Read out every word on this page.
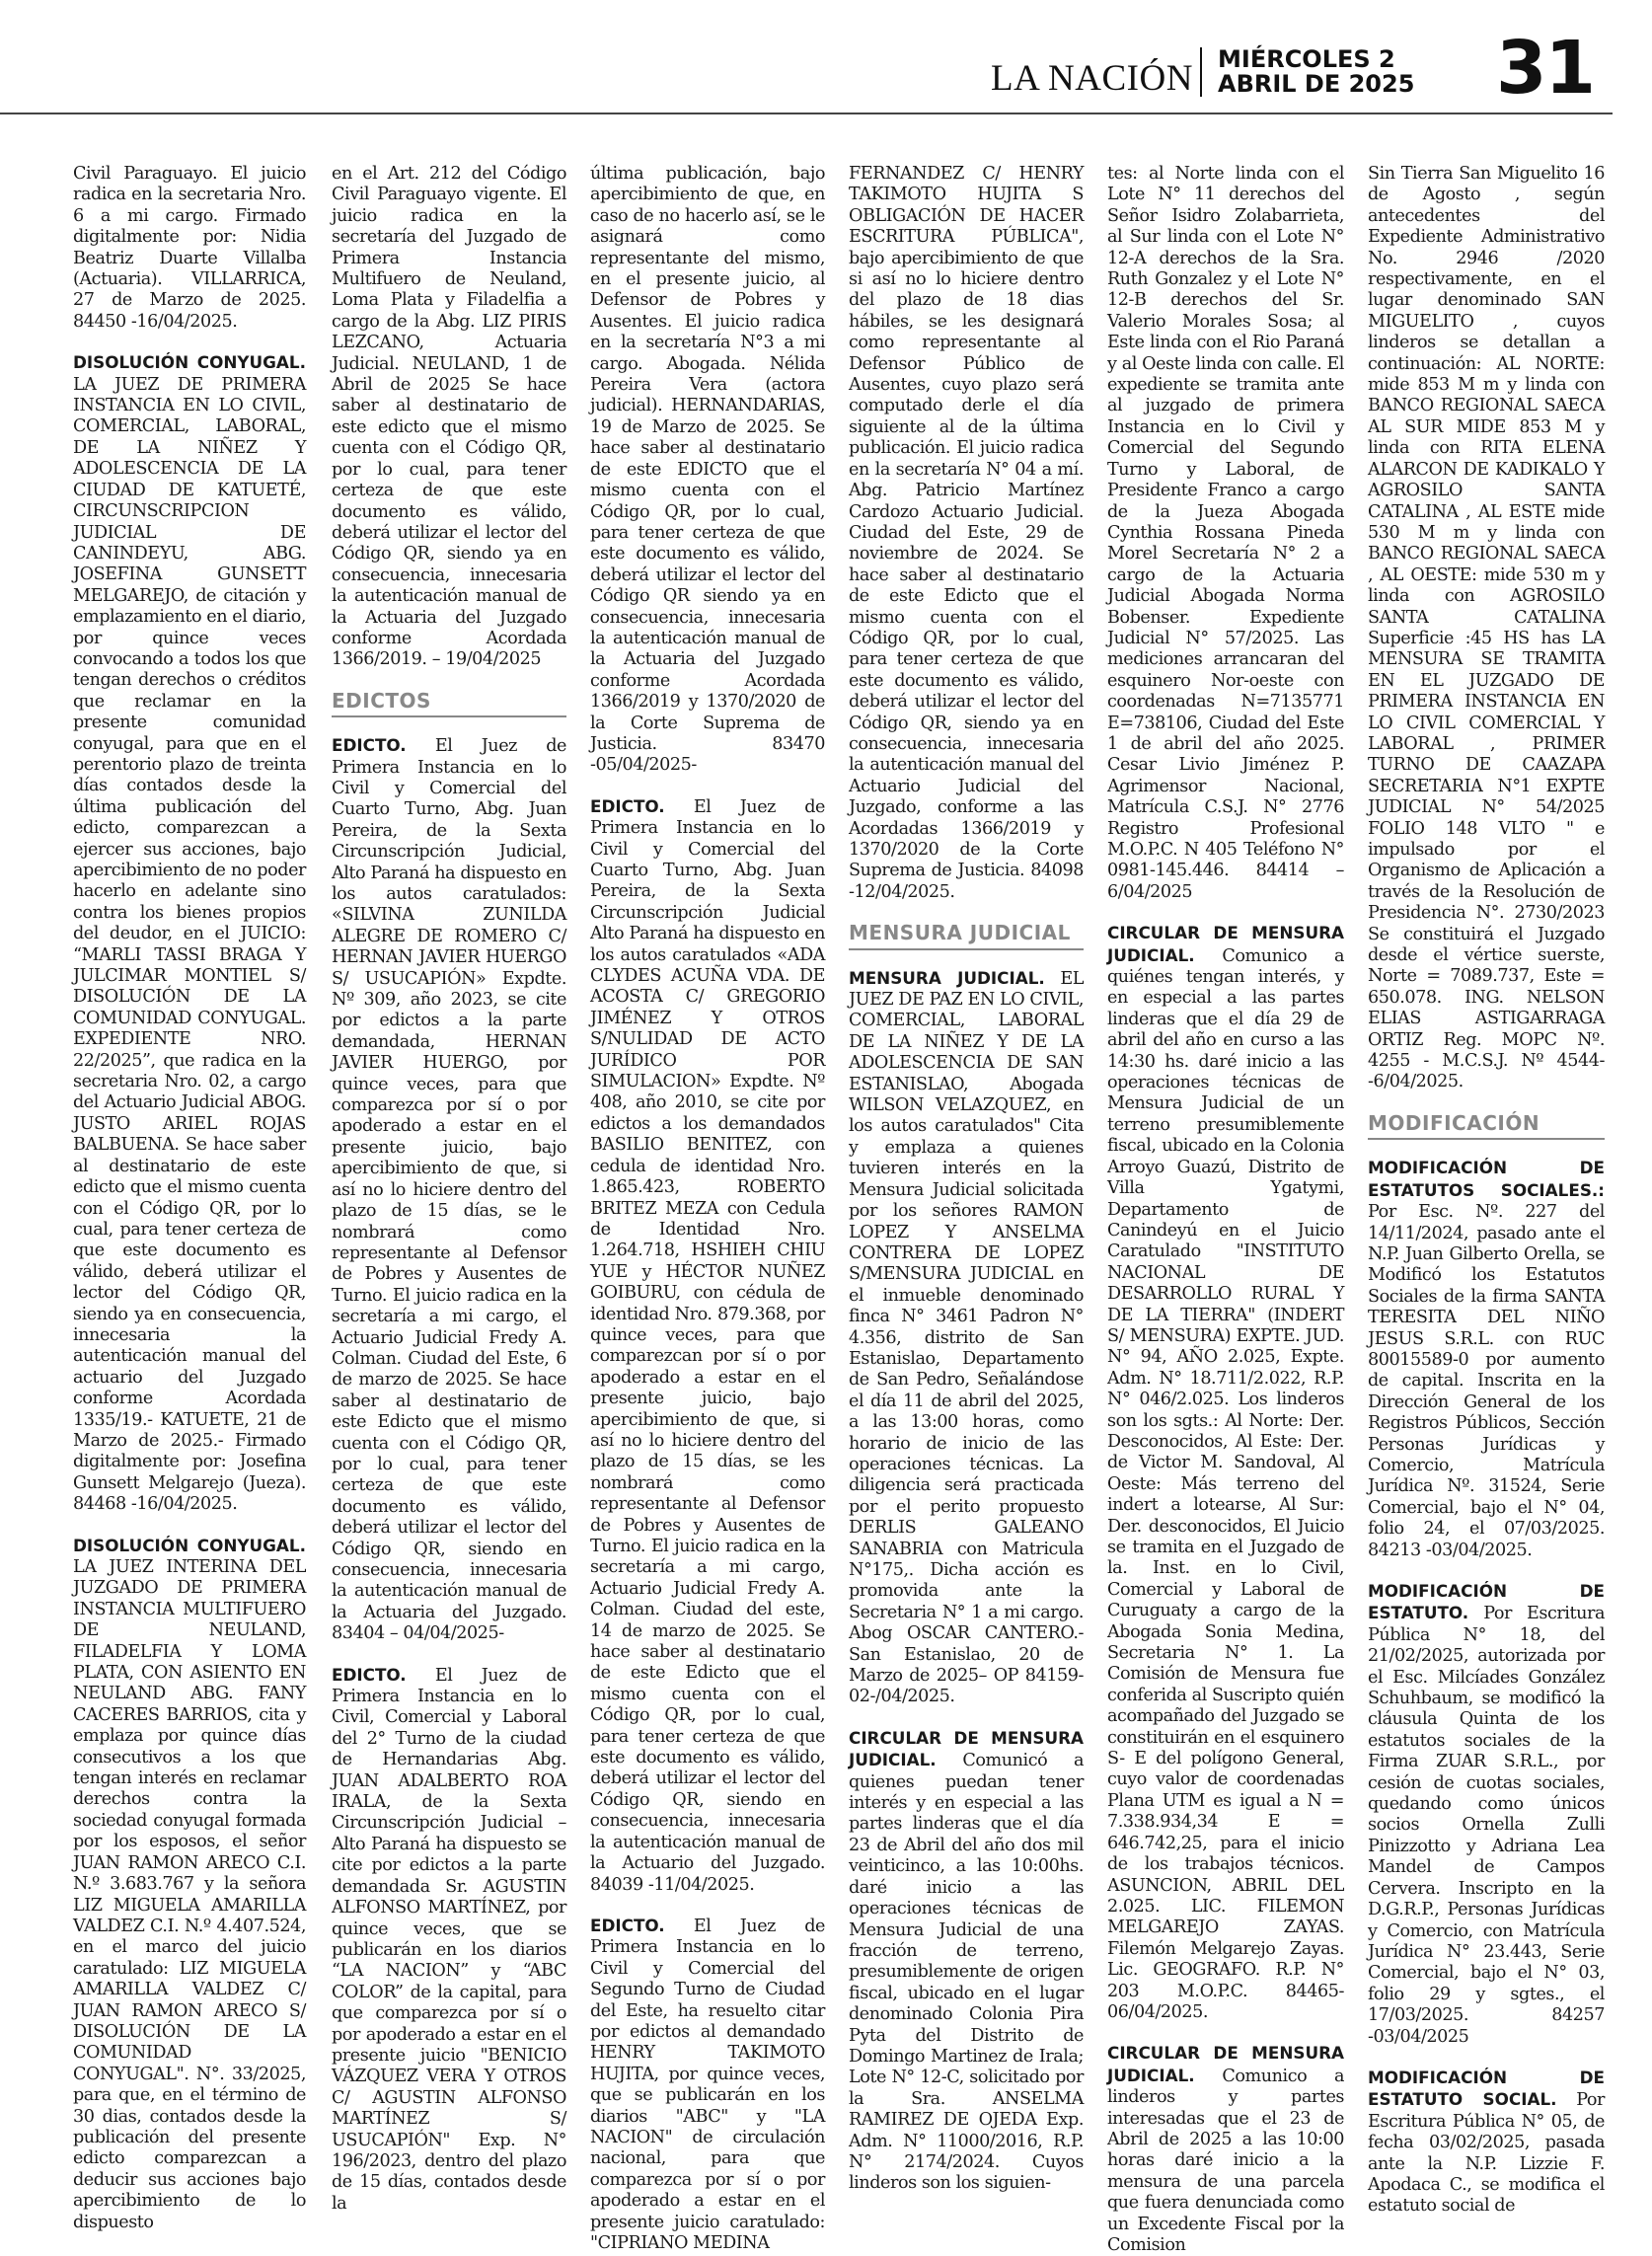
LA NACIÓN MIÉRCOLES 2
ABRIL DE 2025 31

Civil Paraguayo. El juicio radica en la secretaria Nro. 6 a mi cargo. Firmado digitalmente por: Nidia Beatriz Duarte Villalba (Actuaria). VILLARRICA, 27 de Marzo de 2025. 84450 -16/04/2025.

DISOLUCIÓN CONYUGAL. LA JUEZ DE PRIMERA INSTANCIA EN LO CIVIL, COMERCIAL, LABORAL, DE LA NIÑEZ Y ADOLESCENCIA DE LA CIUDAD DE KATUETÉ, CIRCUNSCRIPCION JUDICIAL DE CANINDEYU, ABG. JOSEFINA GUNSETT MELGAREJO, de citación y emplazamiento en el diario, por quince veces convocando a todos los que tengan derechos o créditos que reclamar en la presente comunidad conyugal, para que en el perentorio plazo de treinta días contados desde la última publicación del edicto, comparezcan a ejercer sus acciones, bajo apercibimiento de no poder hacerlo en adelante sino contra los bienes propios del deudor, en el JUICIO: “MARLI TASSI BRAGA Y JULCIMAR MONTIEL S/ DISOLUCIÓN DE LA COMUNIDAD CONYUGAL. EXPEDIENTE NRO. 22/2025”, que radica en la secretaria Nro. 02, a cargo del Actuario Judicial ABOG. JUSTO ARIEL ROJAS BALBUENA. Se hace saber al destinatario de este edicto que el mismo cuenta con el Código QR, por lo cual, para tener certeza de que este documento es válido, deberá utilizar el lector del Código QR, siendo ya en consecuencia, innecesaria la autenticación manual del actuario del Juzgado conforme Acordada 1335/19.- KATUETE, 21 de Marzo de 2025.- Firmado digitalmente por: Josefina Gunsett Melgarejo (Jueza). 84468 -16/04/2025.

DISOLUCIÓN CONYUGAL. LA JUEZ INTERINA DEL JUZGADO DE PRIMERA INSTANCIA MULTIFUERO DE NEULAND, FILADELFIA Y LOMA PLATA, CON ASIENTO EN NEULAND ABG. FANY CACERES BARRIOS, cita y emplaza por quince días consecutivos a los que tengan interés en reclamar derechos contra la sociedad conyugal formada por los esposos, el señor JUAN RAMON ARECO C.I. N.º 3.683.767 y la señora LIZ MIGUELA AMARILLA VALDEZ C.I. N.º 4.407.524, en el marco del juicio caratulado: LIZ MIGUELA AMARILLA VALDEZ C/ JUAN RAMON ARECO S/ DISOLUCIÓN DE LA COMUNIDAD CONYUGAL". N°. 33/2025, para que, en el término de 30 dias, contados desde la publicación del presente edicto comparezcan a deducir sus acciones bajo apercibimiento de lo dispuesto

en el Art. 212 del Código Civil Paraguayo vigente. El juicio radica en la secretaría del Juzgado de Primera Instancia Multifuero de Neuland, Loma Plata y Filadelfia a cargo de la Abg. LIZ PIRIS LEZCANO, Actuaria Judicial. NEULAND, 1 de Abril de 2025 Se hace saber al destinatario de este edicto que el mismo cuenta con el Código QR, por lo cual, para tener certeza de que este documento es válido, deberá utilizar el lector del Código QR, siendo ya en consecuencia, innecesaria la autenticación manual de la Actuaria del Juzgado conforme Acordada 1366/2019. – 19/04/2025

EDICTOS

EDICTO. El Juez de Primera Instancia en lo Civil y Comercial del Cuarto Turno, Abg. Juan Pereira, de la Sexta Circunscripción Judicial, Alto Paraná ha dispuesto en los autos caratulados: «SILVINA ZUNILDA ALEGRE DE ROMERO C/ HERNAN JAVIER HUERGO S/ USUCAPIÓN» Expdte. Nº 309, año 2023, se cite por edictos a la parte demandada, HERNAN JAVIER HUERGO, por quince veces, para que comparezca por sí o por apoderado a estar en el presente juicio, bajo apercibimiento de que, si así no lo hiciere dentro del plazo de 15 días, se le nombrará como representante al Defensor de Pobres y Ausentes de Turno. El juicio radica en la secretaría a mi cargo, el Actuario Judicial Fredy A. Colman. Ciudad del Este, 6 de marzo de 2025. Se hace saber al destinatario de este Edicto que el mismo cuenta con el Código QR, por lo cual, para tener certeza de que este documento es válido, deberá utilizar el lector del Código QR, siendo en consecuencia, innecesaria la autenticación manual de la Actuaria del Juzgado. 83404 – 04/04/2025-

EDICTO. El Juez de Primera Instancia en lo Civil, Comercial y Laboral del 2° Turno de la ciudad de Hernandarias Abg. JUAN ADALBERTO ROA IRALA, de la Sexta Circunscripción Judicial – Alto Paraná ha dispuesto se cite por edictos a la parte demandada Sr. AGUSTIN ALFONSO MARTÍNEZ, por quince veces, que se publicarán en los diarios “LA NACION” y “ABC COLOR” de la capital, para que comparezca por sí o por apoderado a estar en el presente juicio "BENICIO VÁZQUEZ VERA Y OTROS C/ AGUSTIN ALFONSO MARTÍNEZ S/ USUCAPIÓN" Exp. N° 196/2023, dentro del plazo de 15 días, contados desde la

última publicación, bajo apercibimiento de que, en caso de no hacerlo así, se le asignará como representante del mismo, en el presente juicio, al Defensor de Pobres y Ausentes. El juicio radica en la secretaría N°3 a mi cargo. Abogada. Nélida Pereira Vera (actora judicial). HERNANDARIAS, 19 de Marzo de 2025. Se hace saber al destinatario de este EDICTO que el mismo cuenta con el Código QR, por lo cual, para tener certeza de que este documento es válido, deberá utilizar el lector del Código QR siendo ya en consecuencia, innecesaria la autenticación manual de la Actuaria del Juzgado conforme Acordada 1366/2019 y 1370/2020 de la Corte Suprema de Justicia. 83470 -05/04/2025-

EDICTO. El Juez de Primera Instancia en lo Civil y Comercial del Cuarto Turno, Abg. Juan Pereira, de la Sexta Circunscripción Judicial Alto Paraná ha dispuesto en los autos caratulados «ADA CLYDES ACUÑA VDA. DE ACOSTA C/ GREGORIO JIMÉNEZ Y OTROS S/NULIDAD DE ACTO JURÍDICO POR SIMULACION» Expdte. Nº 408, año 2010, se cite por edictos a los demandados BASILIO BENITEZ, con cedula de identidad Nro. 1.865.423, ROBERTO BRITEZ MEZA con Cedula de Identidad Nro. 1.264.718, HSHIEH CHIU YUE y HÉCTOR NUÑEZ GOIBURU, con cédula de identidad Nro. 879.368, por quince veces, para que comparezcan por sí o por apoderado a estar en el presente juicio, bajo apercibimiento de que, si así no lo hiciere dentro del plazo de 15 días, se les nombrará como representante al Defensor de Pobres y Ausentes de Turno. El juicio radica en la secretaría a mi cargo, Actuario Judicial Fredy A. Colman. Ciudad del este, 14 de marzo de 2025. Se hace saber al destinatario de este Edicto que el mismo cuenta con el Código QR, por lo cual, para tener certeza de que este documento es válido, deberá utilizar el lector del Código QR, siendo en consecuencia, innecesaria la autenticación manual de la Actuario del Juzgado. 84039 -11/04/2025.

EDICTO. El Juez de Primera Instancia en lo Civil y Comercial del Segundo Turno de Ciudad del Este, ha resuelto citar por edictos al demandado HENRY TAKIMOTO HUJITA, por quince veces, que se publicarán en los diarios "ABC" y "LA NACION" de circulación nacional, para que comparezca por sí o por apoderado a estar en el presente juicio caratulado: "CIPRIANO MEDINA

FERNANDEZ C/ HENRY TAKIMOTO HUJITA S OBLIGACIÓN DE HACER ESCRITURA PÚBLICA", bajo apercibimiento de que si así no lo hiciere dentro del plazo de 18 dias hábiles, se les designará como representante al Defensor Público de Ausentes, cuyo plazo será computado derle el día siguiente al de la última publicación. El juicio radica en la secretaría N° 04 a mí. Abg. Patricio Martínez Cardozo Actuario Judicial. Ciudad del Este, 29 de noviembre de 2024. Se hace saber al destinatario de este Edicto que el mismo cuenta con el Código QR, por lo cual, para tener certeza de que este documento es válido, deberá utilizar el lector del Código QR, siendo ya en consecuencia, innecesaria la autenticación manual del Actuario Judicial del Juzgado, conforme a las Acordadas 1366/2019 y 1370/2020 de la Corte Suprema de Justicia. 84098 -12/04/2025.

MENSURA JUDICIAL

MENSURA JUDICIAL. EL JUEZ DE PAZ EN LO CIVIL, COMERCIAL, LABORAL DE LA NIÑEZ Y DE LA ADOLESCENCIA DE SAN ESTANISLAO, Abogada WILSON VELAZQUEZ, en los autos caratulados" Cita y emplaza a quienes tuvieren interés en la Mensura Judicial solicitada por los señores RAMON LOPEZ Y ANSELMA CONTRERA DE LOPEZ S/MENSURA JUDICIAL en el inmueble denominado finca N° 3461 Padron N° 4.356, distrito de San Estanislao, Departamento de San Pedro, Señalándose el día 11 de abril del 2025, a las 13:00 horas, como horario de inicio de las operaciones técnicas. La diligencia será practicada por el perito propuesto DERLIS GALEANO SANABRIA con Matricula N°175,. Dicha acción es promovida ante la Secretaria N° 1 a mi cargo. Abog OSCAR CANTERO.- San Estanislao, 20 de Marzo de 2025– OP 84159-02-/04/2025.

CIRCULAR DE MENSURA JUDICIAL. Comunicó a quienes puedan tener interés y en especial a las partes linderas que el día 23 de Abril del año dos mil veinticinco, a las 10:00hs. daré inicio a las operaciones técnicas de Mensura Judicial de una fracción de terreno, presumiblemente de origen fiscal, ubicado en el lugar denominado Colonia Pira Pyta del Distrito de Domingo Martinez de Irala; Lote N° 12-C, solicitado por la Sra. ANSELMA RAMIREZ DE OJEDA Exp. Adm. N° 11000/2016, R.P. N° 2174/2024. Cuyos linderos son los siguien-

tes: al Norte linda con el Lote N° 11 derechos del Señor Isidro Zolabarrieta, al Sur linda con el Lote N° 12-A derechos de la Sra. Ruth Gonzalez y el Lote N° 12-B derechos del Sr. Valerio Morales Sosa; al Este linda con el Rio Paraná y al Oeste linda con calle. El expediente se tramita ante al juzgado de primera Instancia en lo Civil y Comercial del Segundo Turno y Laboral, de Presidente Franco a cargo de la Jueza Abogada Cynthia Rossana Pineda Morel Secretaría N° 2 a cargo de la Actuaria Judicial Abogada Norma Bobenser. Expediente Judicial N° 57/2025. Las mediciones arrancaran del esquinero Nor-oeste con coordenadas N=7135771 E=738106, Ciudad del Este 1 de abril del año 2025. Cesar Livio Jiménez P. Agrimensor Nacional, Matrícula C.S.J. N° 2776 Registro Profesional M.O.P.C. N 405 Teléfono N° 0981-145.446. 84414 –6/04/2025

CIRCULAR DE MENSURA JUDICIAL. Comunico a quiénes tengan interés, y en especial a las partes linderas que el día 29 de abril del año en curso a las 14:30 hs. daré inicio a las operaciones técnicas de Mensura Judicial de un terreno presumiblemente fiscal, ubicado en la Colonia Arroyo Guazú, Distrito de Villa Ygatymi, Departamento de Canindeyú en el Juicio Caratulado "INSTITUTO NACIONAL DE DESARROLLO RURAL Y DE LA TIERRA" (INDERT S/ MENSURA) EXPTE. JUD. N° 94, AÑO 2.025, Expte. Adm. N° 18.711/2.022, R.P. N° 046/2.025. Los linderos son los sgts.: Al Norte: Der. Desconocidos, Al Este: Der. de Victor M. Sandoval, Al Oeste: Más terreno del indert a lotearse, Al Sur: Der. desconocidos, El Juicio se tramita en el Juzgado de la. Inst. en lo Civil, Comercial y Laboral de Curuguaty a cargo de la Abogada Sonia Medina, Secretaria N° 1. La Comisión de Mensura fue conferida al Suscripto quién acompañado del Juzgado se constituirán en el esquinero S- E del polígono General, cuyo valor de coordenadas Plana UTM es igual a N = 7.338.934,34 E = 646.742,25, para el inicio de los trabajos técnicos. ASUNCION, ABRIL DEL 2.025. LIC. FILEMON MELGAREJO ZAYAS. Filemón Melgarejo Zayas. Lic. GEOGRAFO. R.P. N° 203 M.O.P.C. 84465-06/04/2025.

CIRCULAR DE MENSURA JUDICIAL. Comunico a linderos y partes interesadas que el 23 de Abril de 2025 a las 10:00 horas daré inicio a la mensura de una parcela que fuera denunciada como un Excedente Fiscal por la Comision

Sin Tierra San Miguelito 16 de Agosto , según antecedentes del Expediente Administrativo No. 2946 /2020 respectivamente, en el lugar denominado SAN MIGUELITO , cuyos linderos se detallan a continuación: AL NORTE: mide 853 M m y linda con BANCO REGIONAL SAECA AL SUR MIDE 853 M y linda con RITA ELENA ALARCON DE KADIKALO Y AGROSILO SANTA CATALINA , AL ESTE mide 530 M m y linda con BANCO REGIONAL SAECA , AL OESTE: mide 530 m y linda con AGROSILO SANTA CATALINA Superficie :45 HS has LA MENSURA SE TRAMITA EN EL JUZGADO DE PRIMERA INSTANCIA EN LO CIVIL COMERCIAL Y LABORAL , PRIMER TURNO DE CAAZAPA SECRETARIA N°1 EXPTE JUDICIAL N° 54/2025 FOLIO 148 VLTO " e impulsado por el Organismo de Aplicación a través de la Resolución de Presidencia N°. 2730/2023 Se constituirá el Juzgado desde el vértice suerste, Norte = 7089.737, Este = 650.078. ING. NELSON ELIAS ASTIGARRAGA ORTIZ Reg. MOPC Nº. 4255 - M.C.S.J. Nº 4544- -6/04/2025.

MODIFICACIÓN

MODIFICACIÓN DE ESTATUTOS SOCIALES.: Por Esc. Nº. 227 del 14/11/2024, pasado ante el N.P. Juan Gilberto Orella, se Modificó los Estatutos Sociales de la firma SANTA TERESITA DEL NIÑO JESUS S.R.L. con RUC 80015589-0 por aumento de capital. Inscrita en la Dirección General de los Registros Públicos, Sección Personas Jurídicas y Comercio, Matrícula Jurídica Nº. 31524, Serie Comercial, bajo el N° 04, folio 24, el 07/03/2025. 84213 -03/04/2025.

MODIFICACIÓN DE ESTATUTO. Por Escritura Pública N° 18, del 21/02/2025, autorizada por el Esc. Milcíades González Schuhbaum, se modificó la cláusula Quinta de los estatutos sociales de la Firma ZUAR S.R.L., por cesión de cuotas sociales, quedando como únicos socios Ornella Zulli Pinizzotto y Adriana Lea Mandel de Campos Cervera. Inscripto en la D.G.R.P., Personas Jurídicas y Comercio, con Matrícula Jurídica N° 23.443, Serie Comercial, bajo el N° 03, folio 29 y sgtes., el 17/03/2025. 84257 -03/04/2025

MODIFICACIÓN DE ESTATUTO SOCIAL. Por Escritura Pública N° 05, de fecha 03/02/2025, pasada ante la N.P. Lizzie F. Apodaca C., se modifica el estatuto social de
